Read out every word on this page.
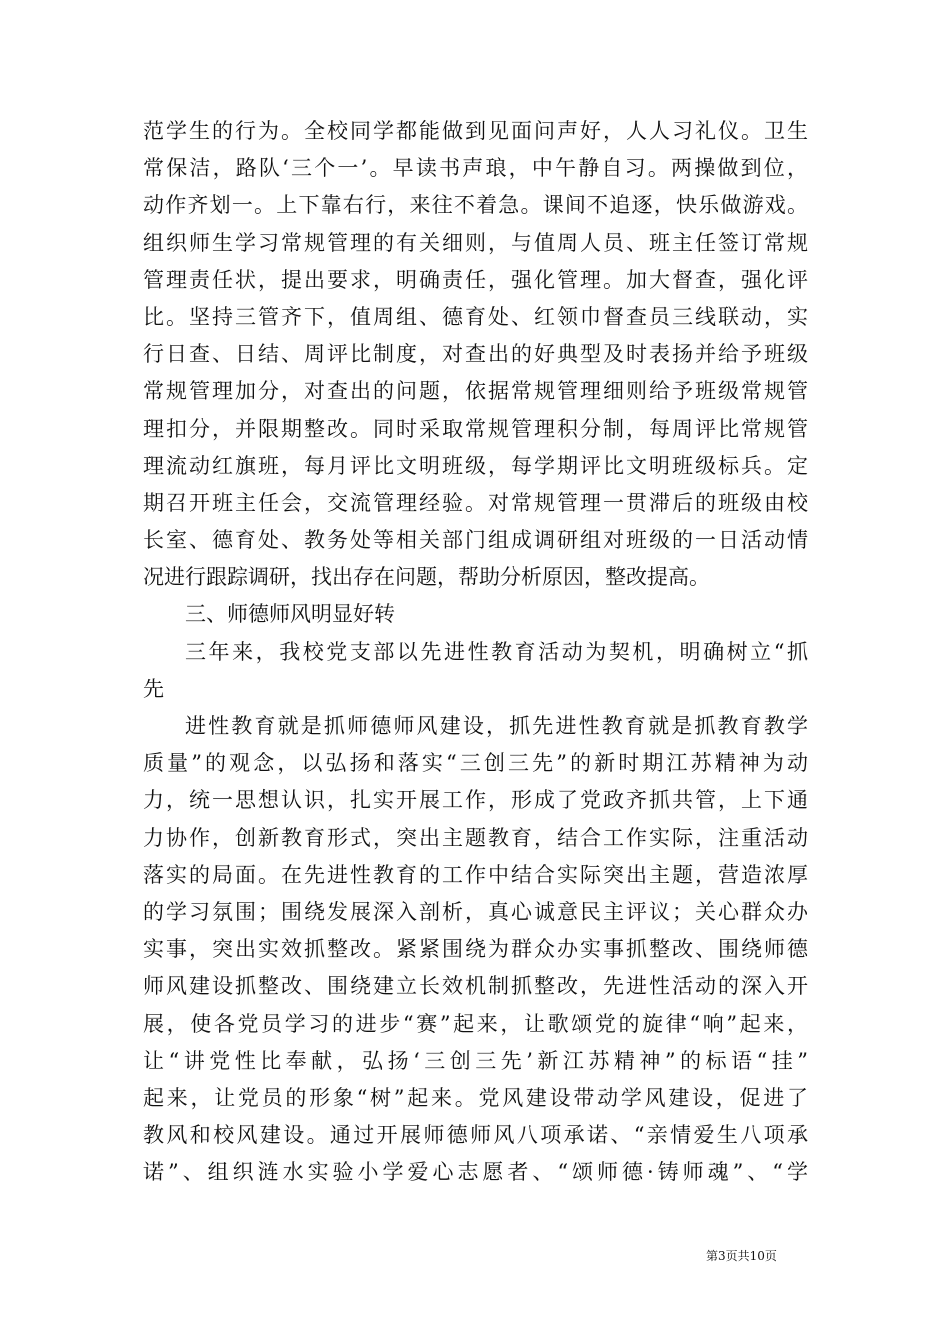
范学生的行为。全校同学都能做到见面问声好，人人习礼仪。卫生
常保洁，路队‘三个一’。早读书声琅，中午静自习。两操做到位，
动作齐划一。上下靠右行，来往不着急。课间不追逐，快乐做游戏。
组织师生学习常规管理的有关细则，与值周人员、班主任签订常规
管理责任状，提出要求，明确责任，强化管理。加大督查，强化评
比。坚持三管齐下，值周组、德育处、红领巾督查员三线联动，实
行日查、日结、周评比制度，对查出的好典型及时表扬并给予班级
常规管理加分，对查出的问题，依据常规管理细则给予班级常规管
理扣分，并限期整改。同时采取常规管理积分制，每周评比常规管
理流动红旗班，每月评比文明班级，每学期评比文明班级标兵。定
期召开班主任会，交流管理经验。对常规管理一贯滞后的班级由校
长室、德育处、教务处等相关部门组成调研组对班级的一日活动情
况进行跟踪调研，找出存在问题，帮助分析原因，整改提高。
三、师德师风明显好转
三年来，我校党支部以先进性教育活动为契机，明确树立“抓
先
进性教育就是抓师德师风建设，抓先进性教育就是抓教育教学
质量”的观念，以弘扬和落实“三创三先”的新时期江苏精神为动
力，统一思想认识，扎实开展工作，形成了党政齐抓共管，上下通
力协作，创新教育形式，突出主题教育，结合工作实际，注重活动
落实的局面。在先进性教育的工作中结合实际突出主题，营造浓厚
的学习氛围；围绕发展深入剖析，真心诚意民主评议；关心群众办
实事，突出实效抓整改。紧紧围绕为群众办实事抓整改、围绕师德
师风建设抓整改、围绕建立长效机制抓整改，先进性活动的深入开
展，使各党员学习的进步“赛”起来，让歌颂党的旋律“响”起来，
让“讲党性比奉献，弘扬‘三创三先’新江苏精神”的标语“挂”
起来，让党员的形象“树”起来。党风建设带动学风建设，促进了
教风和校风建设。通过开展师德师风八项承诺、“亲情爱生八项承
诺”、组织涟水实验小学爱心志愿者、“颂师德·铸师魂”、“学
第3页共10页
